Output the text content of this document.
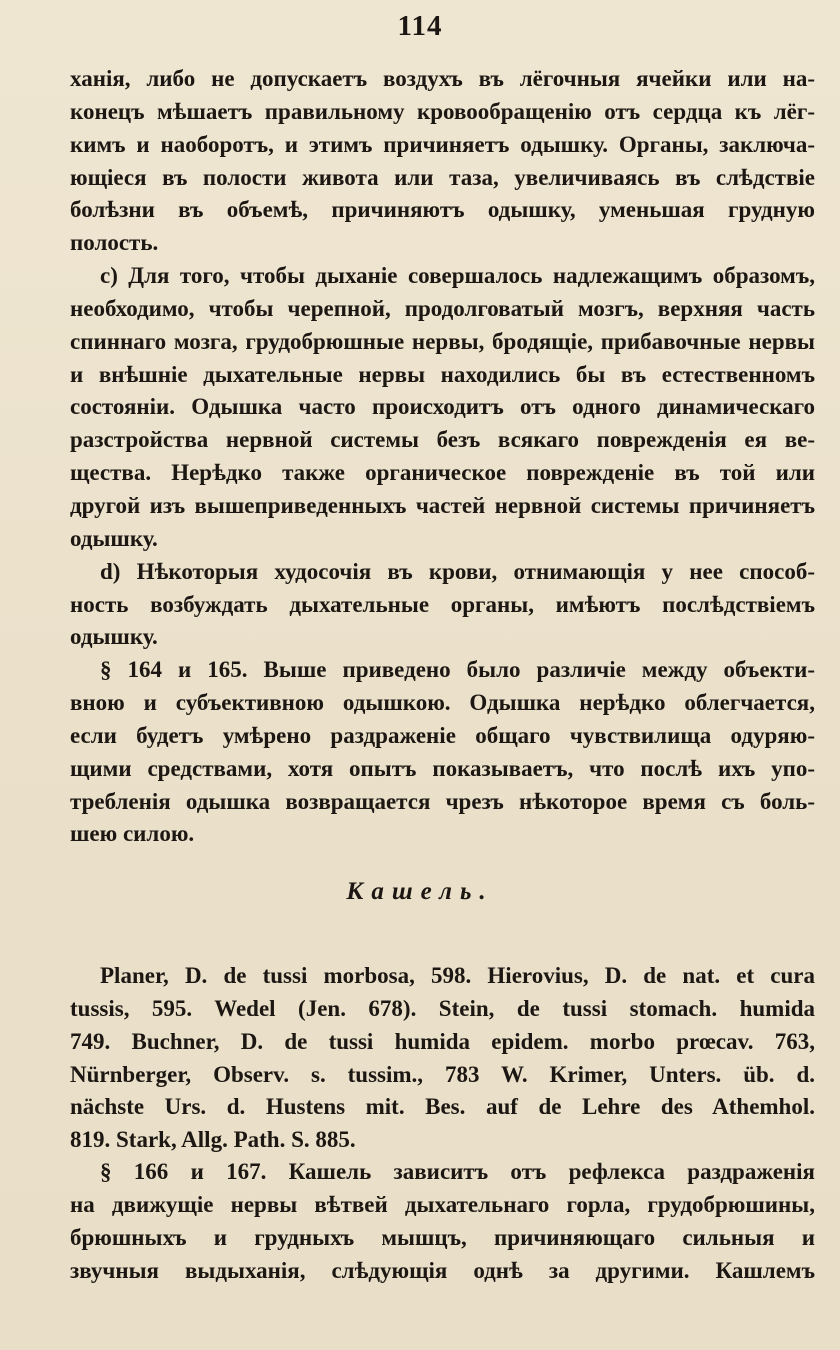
114
ханія, либо не допускаетъ воздухъ въ лёгочныя ячейки или на-
конецъ мѣшаетъ правильному кровообращенію отъ сердца къ лёг-
кимъ и наоборотъ, и этимъ причиняетъ одышку. Органы, заключа-
ющіеся въ полости живота или таза, увеличиваясь въ слѣдствіе
болѣзни въ объемѣ, причиняютъ одышку, уменьшая грудную
полость.
c) Для того, чтобы дыханіе совершалось надлежащимъ образомъ,
необходимо, чтобы черепной, продолговатый мозгъ, верхняя часть
спиннаго мозга, грудобрюшные нервы, бродящіе, прибавочные нервы
и внѣшніе дыхательные нервы находились бы въ естественномъ
состояніи. Одышка часто происходитъ отъ одного динамическаго
разстройства нервной системы безъ всякаго поврежденія ея ве-
щества. Нерѣдко также органическое поврежденіе въ той или
другой изъ вышеприведенныхъ частей нервной системы причиняетъ
одышку.
d) Нѣкоторыя худосочія въ крови, отнимающія у нее способ-
ность возбуждать дыхательные органы, имѣютъ послѣдствіемъ
одышку.
§ 164 и 165. Выше приведено было различіе между объекти-
вною и субъективною одышкою. Одышка нерѣдко облегчается,
если будетъ умѣрено раздраженіе общаго чувствилища одуряю-
щими средствами, хотя опытъ показываетъ, что послѣ ихъ упо-
требленія одышка возвращается чрезъ нѣкоторое время съ боль-
шею силою.
Кашель.
Planer, D. de tussi morbosa, 598. Hierovius, D. de nat. et cura
tussis, 595. Wedel (Jen. 678). Stein, de tussi stomach. humida
749. Buchner, D. de tussi humida epidem. morbo prœcav. 763,
Nürnberger, Observ. s. tussim., 783 W. Krimer, Unters. üb. d.
nächste Urs. d. Hustens mit. Bes. auf de Lehre des Athemhol.
819. Stark, Allg. Path. S. 885.
§ 166 и 167. Кашель зависитъ отъ рефлекса раздраженія
на движущіе нервы вѣтвей дыхательнаго горла, грудобрюшины,
брюшныхъ и грудныхъ мышцъ, причиняющаго сильныя и
звучныя выдыханія, слѣдующія однѣ за другими. Кашлемъ
